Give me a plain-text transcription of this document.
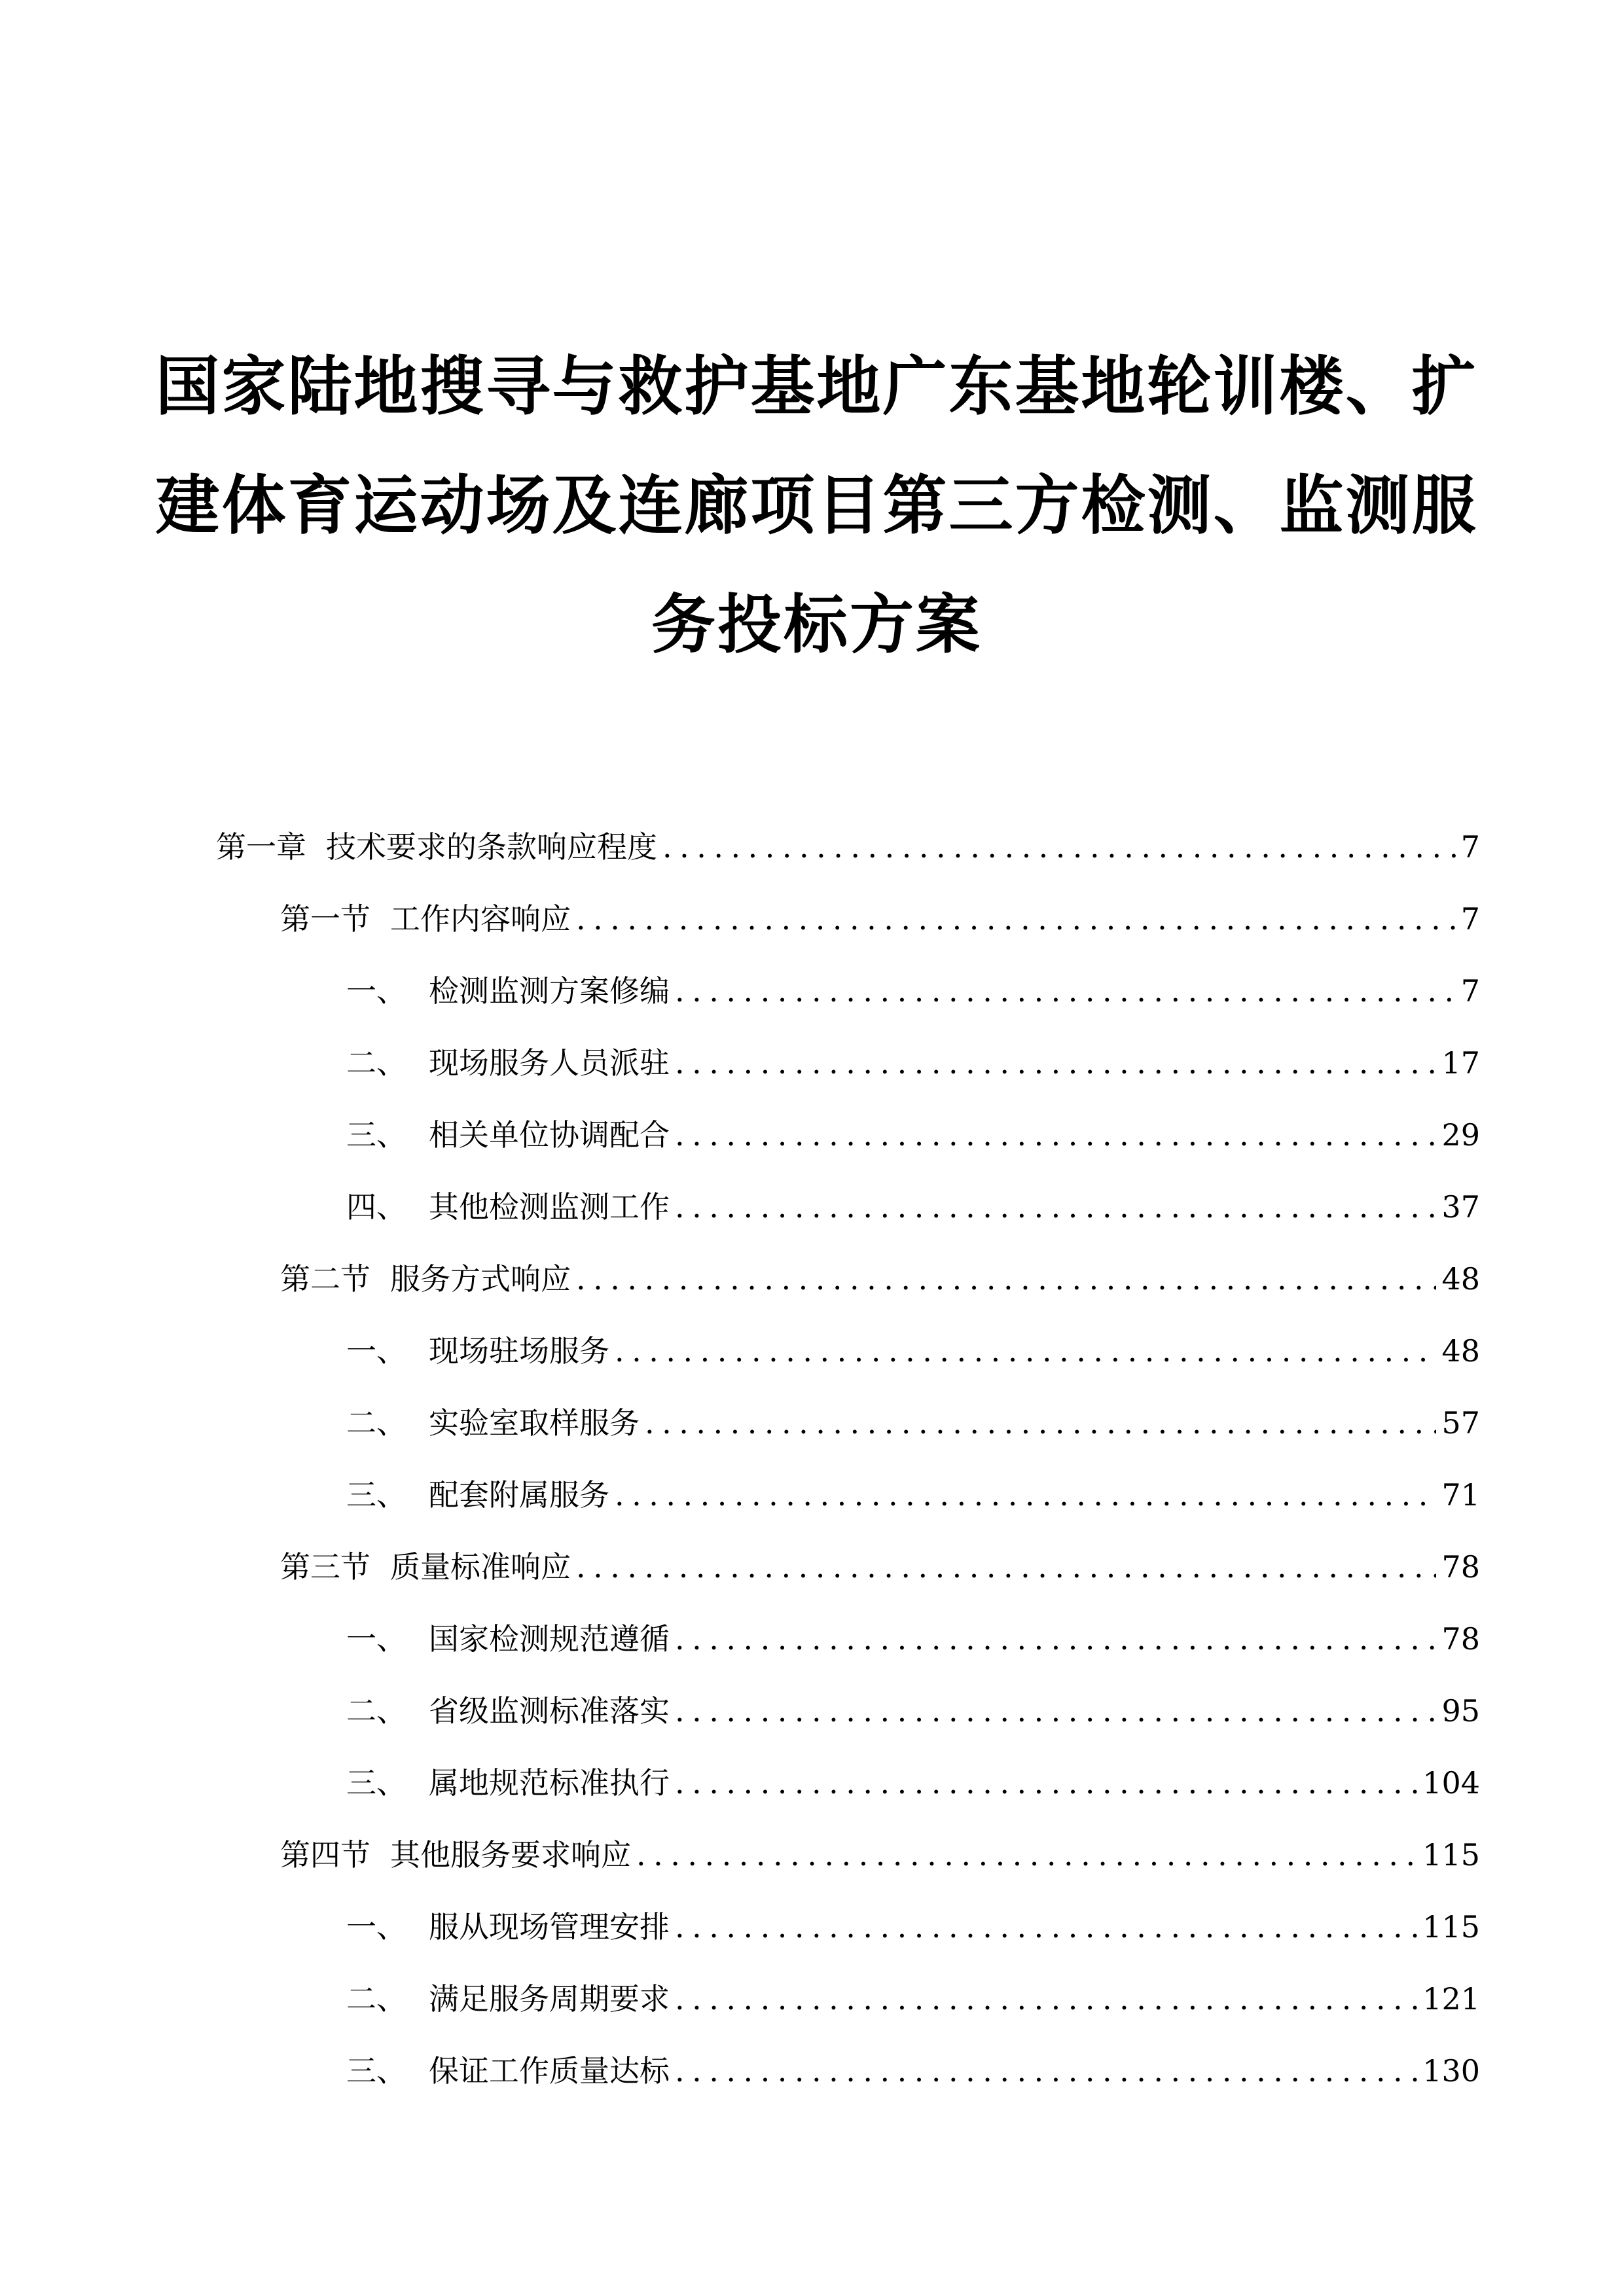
国家陆地搜寻与救护基地广东基地轮训楼、扩建体育运动场及连廊项目第三方检测、监测服务投标方案
第一章 技术要求的条款响应程度 .....	7
第一节 工作内容响应 .....	7
一、 检测监测方案修编 .....	7
二、 现场服务人员派驻 .....	17
三、 相关单位协调配合 .....	29
四、 其他检测监测工作 .....	37
第二节 服务方式响应 .....	48
一、 现场驻场服务 .....	48
二、 实验室取样服务 .....	57
三、 配套附属服务 .....	71
第三节 质量标准响应 .....	78
一、 国家检测规范遵循 .....	78
二、 省级监测标准落实 .....	95
三、 属地规范标准执行 .....	104
第四节 其他服务要求响应 .....	115
一、 服从现场管理安排 .....	115
二、 满足服务周期要求 .....	121
三、 保证工作质量达标 .....	130
